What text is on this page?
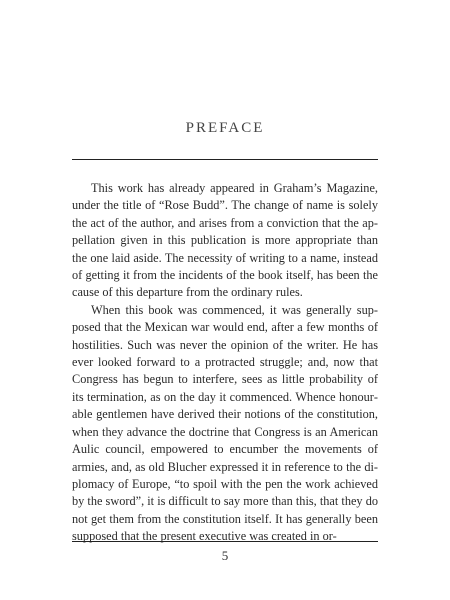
PREFACE

This work has already appeared in Graham’s Magazine, under the title of “Rose Budd”. The change of name is solely the act of the author, and arises from a conviction that the appellation given in this publication is more appropriate than the one laid aside. The necessity of writing to a name, instead of getting it from the incidents of the book itself, has been the cause of this departure from the ordinary rules.

When this book was commenced, it was generally supposed that the Mexican war would end, after a few months of hostilities. Such was never the opinion of the writer. He has ever looked forward to a protracted struggle; and, now that Congress has begun to interfere, sees as little probability of its termination, as on the day it commenced. Whence honourable gentlemen have derived their notions of the constitution, when they advance the doctrine that Congress is an American Aulic council, empowered to encumber the movements of armies, and, as old Blucher expressed it in reference to the diplomacy of Europe, “to spoil with the pen the work achieved by the sword”, it is difficult to say more than this, that they do not get them from the constitution itself. It has generally been supposed that the present executive was created in or-

5
